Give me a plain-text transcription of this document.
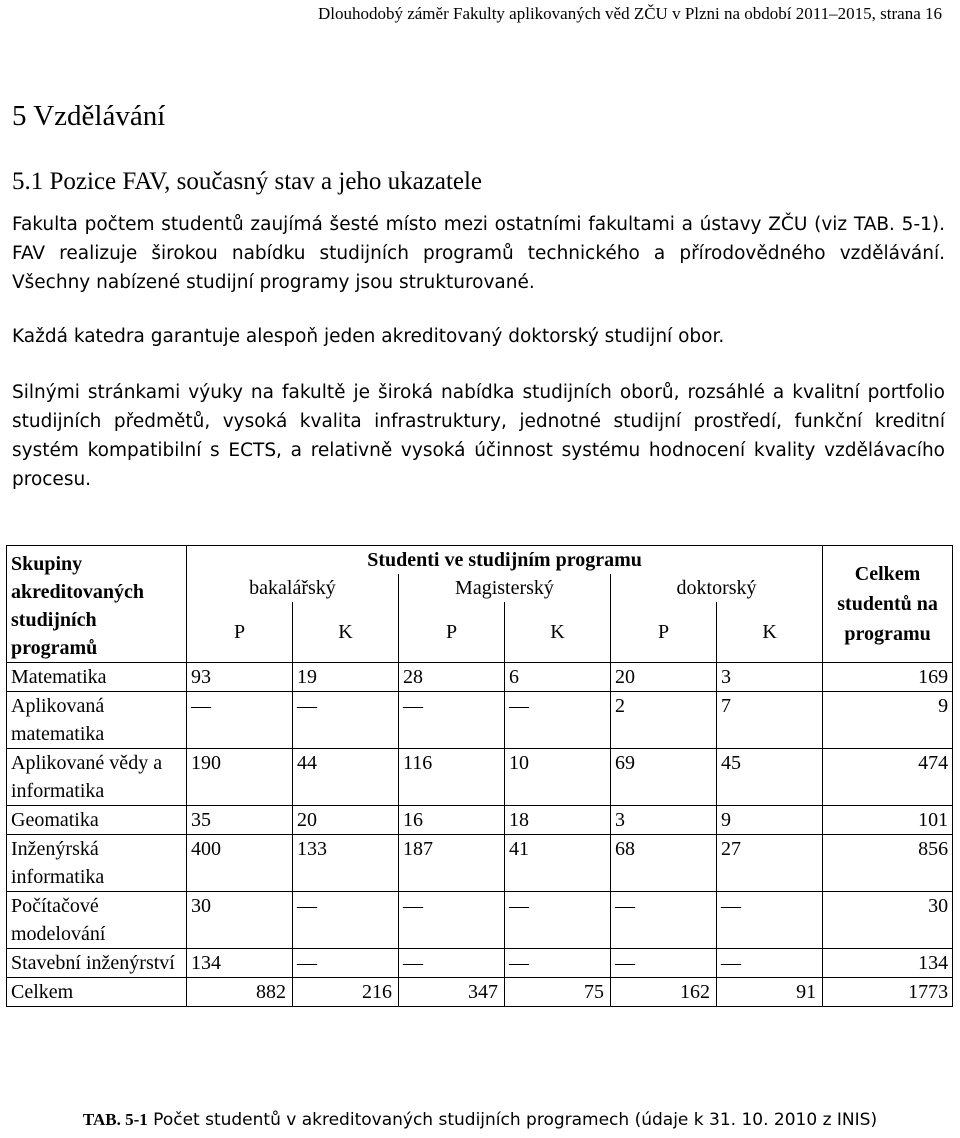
Dlouhodobý záměr Fakulty aplikovaných věd ZČU v Plzni na období 2011–2015, strana 16
5 Vzdělávání
5.1 Pozice FAV, současný stav a jeho ukazatele
Fakulta počtem studentů zaujímá šesté místo mezi ostatními fakultami a ústavy ZČU (viz TAB. 5-1). FAV realizuje širokou nabídku studijních programů technického a přírodovědného vzdělávání. Všechny nabízené studijní programy jsou strukturované.
Každá katedra garantuje alespoň jeden akreditovaný doktorský studijní obor.
Silnými stránkami výuky na fakultě je široká nabídka studijních oborů, rozsáhlé a kvalitní portfolio studijních předmětů, vysoká kvalita infrastruktury, jednotné studijní prostředí, funkční kreditní systém kompatibilní s ECTS, a relativně vysoká účinnost systému hodnocení kvality vzdělávacího procesu.
Skupiny akreditovaných studijních programů	Studenti ve studijním programu						Celkem studentů na programu
	bakalářský		Magisterský		doktorský		
	P	K	P	K	P	K	
Matematika	93	19	28	6	20	3	169
Aplikovaná matematika	—	—	—	—	2	7	9
Aplikované vědy a informatika	190	44	116	10	69	45	474
Geomatika	35	20	16	18	3	9	101
Inženýrská informatika	400	133	187	41	68	27	856
Počítačové modelování	30	—	—	—	—	—	30
Stavební inženýrství	134	—	—	—	—	—	134
Celkem	882	216	347	75	162	91	1773
TAB. 5-1 Počet studentů v akreditovaných studijních programech (údaje k 31. 10. 2010 z INIS)
